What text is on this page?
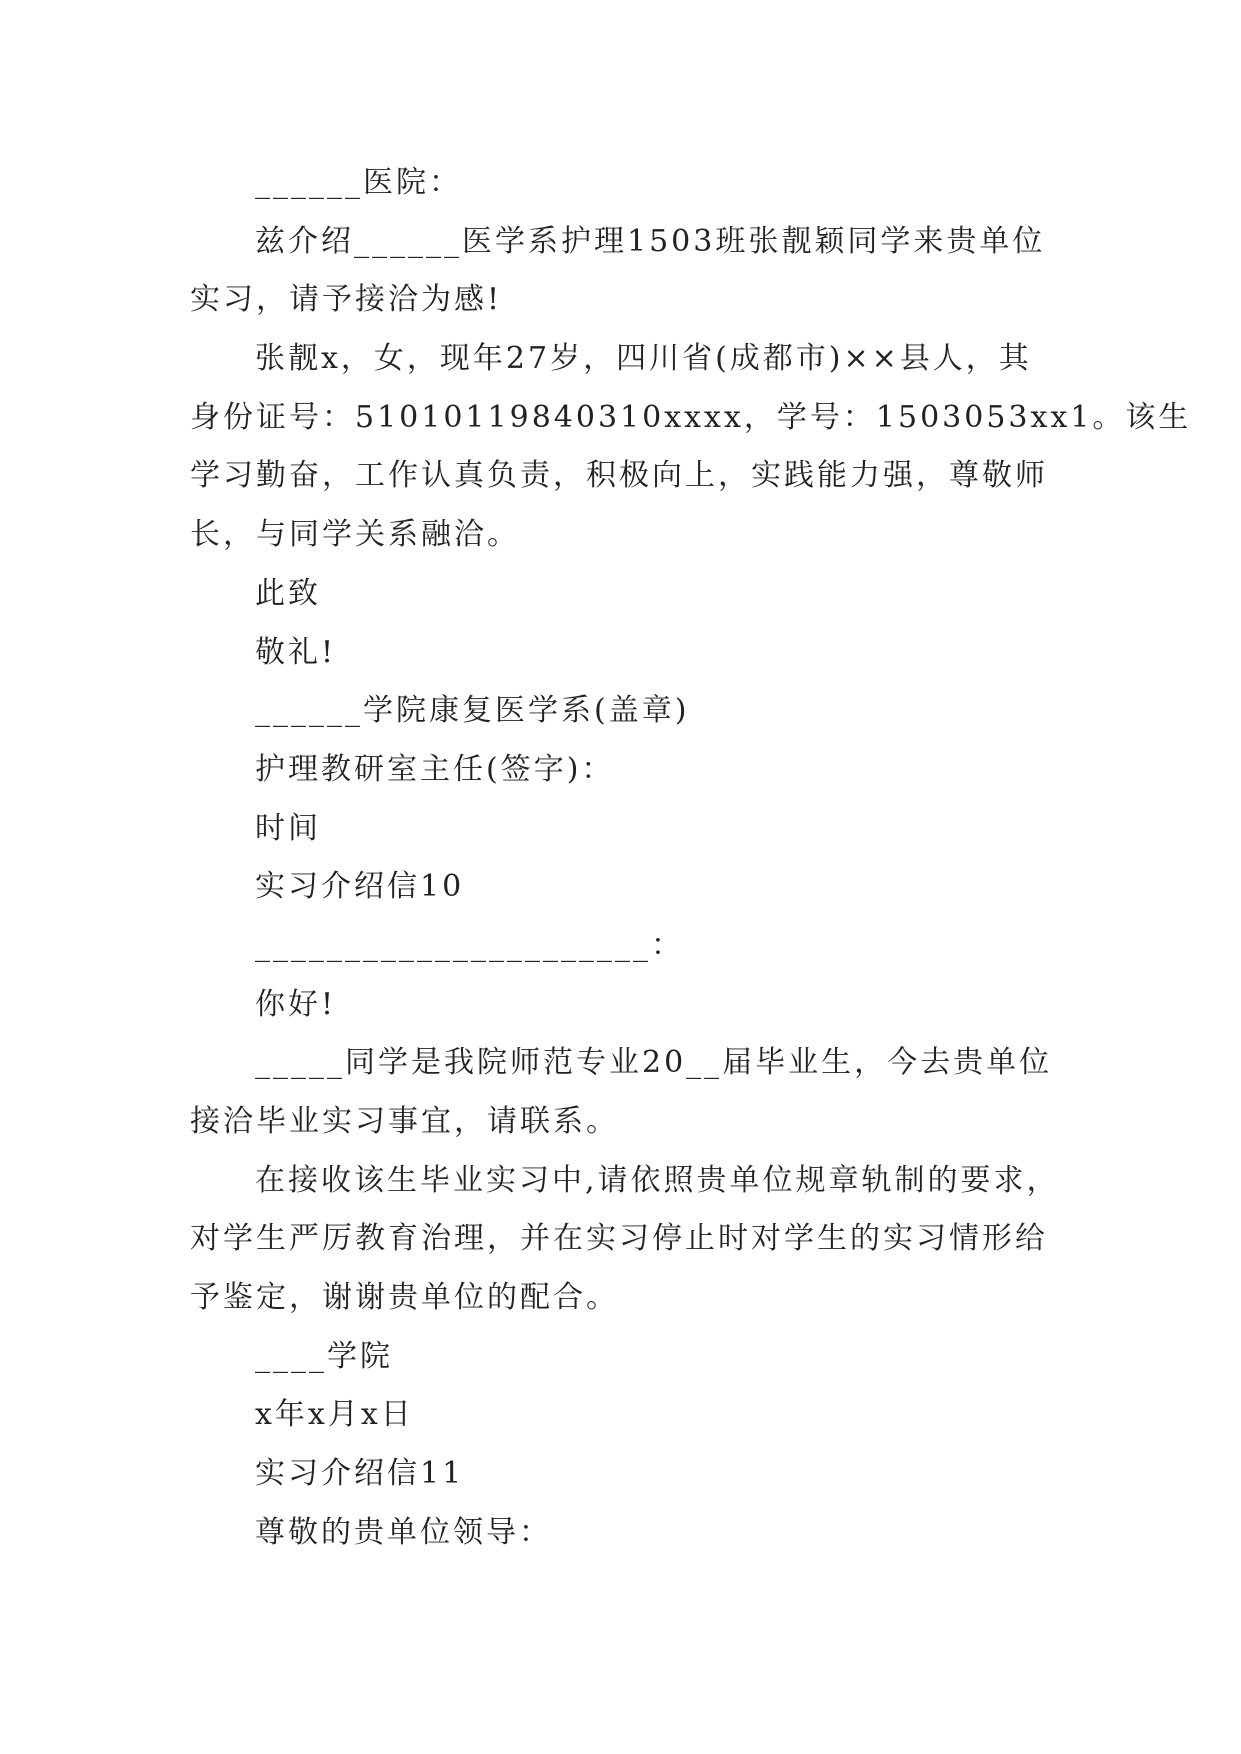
______医院：
兹介绍______医学系护理1503班张靓颖同学来贵单位
实习，请予接洽为感!
张靓x，女，现年27岁，四川省(成都市)××县人，其
身份证号：51010119840310xxxx，学号：1503053xx1。该生
学习勤奋，工作认真负责，积极向上，实践能力强，尊敬师
长，与同学关系融洽。
此致
敬礼!
______学院康复医学系(盖章)
护理教研室主任(签字)：
时间
实习介绍信10
______________________：
你好!
_____同学是我院师范专业20__届毕业生，今去贵单位
接洽毕业实习事宜，请联系。
在接收该生毕业实习中,请依照贵单位规章轨制的要求，
对学生严厉教育治理，并在实习停止时对学生的实习情形给
予鉴定，谢谢贵单位的配合。
____学院
x年x月x日
实习介绍信11
尊敬的贵单位领导：
